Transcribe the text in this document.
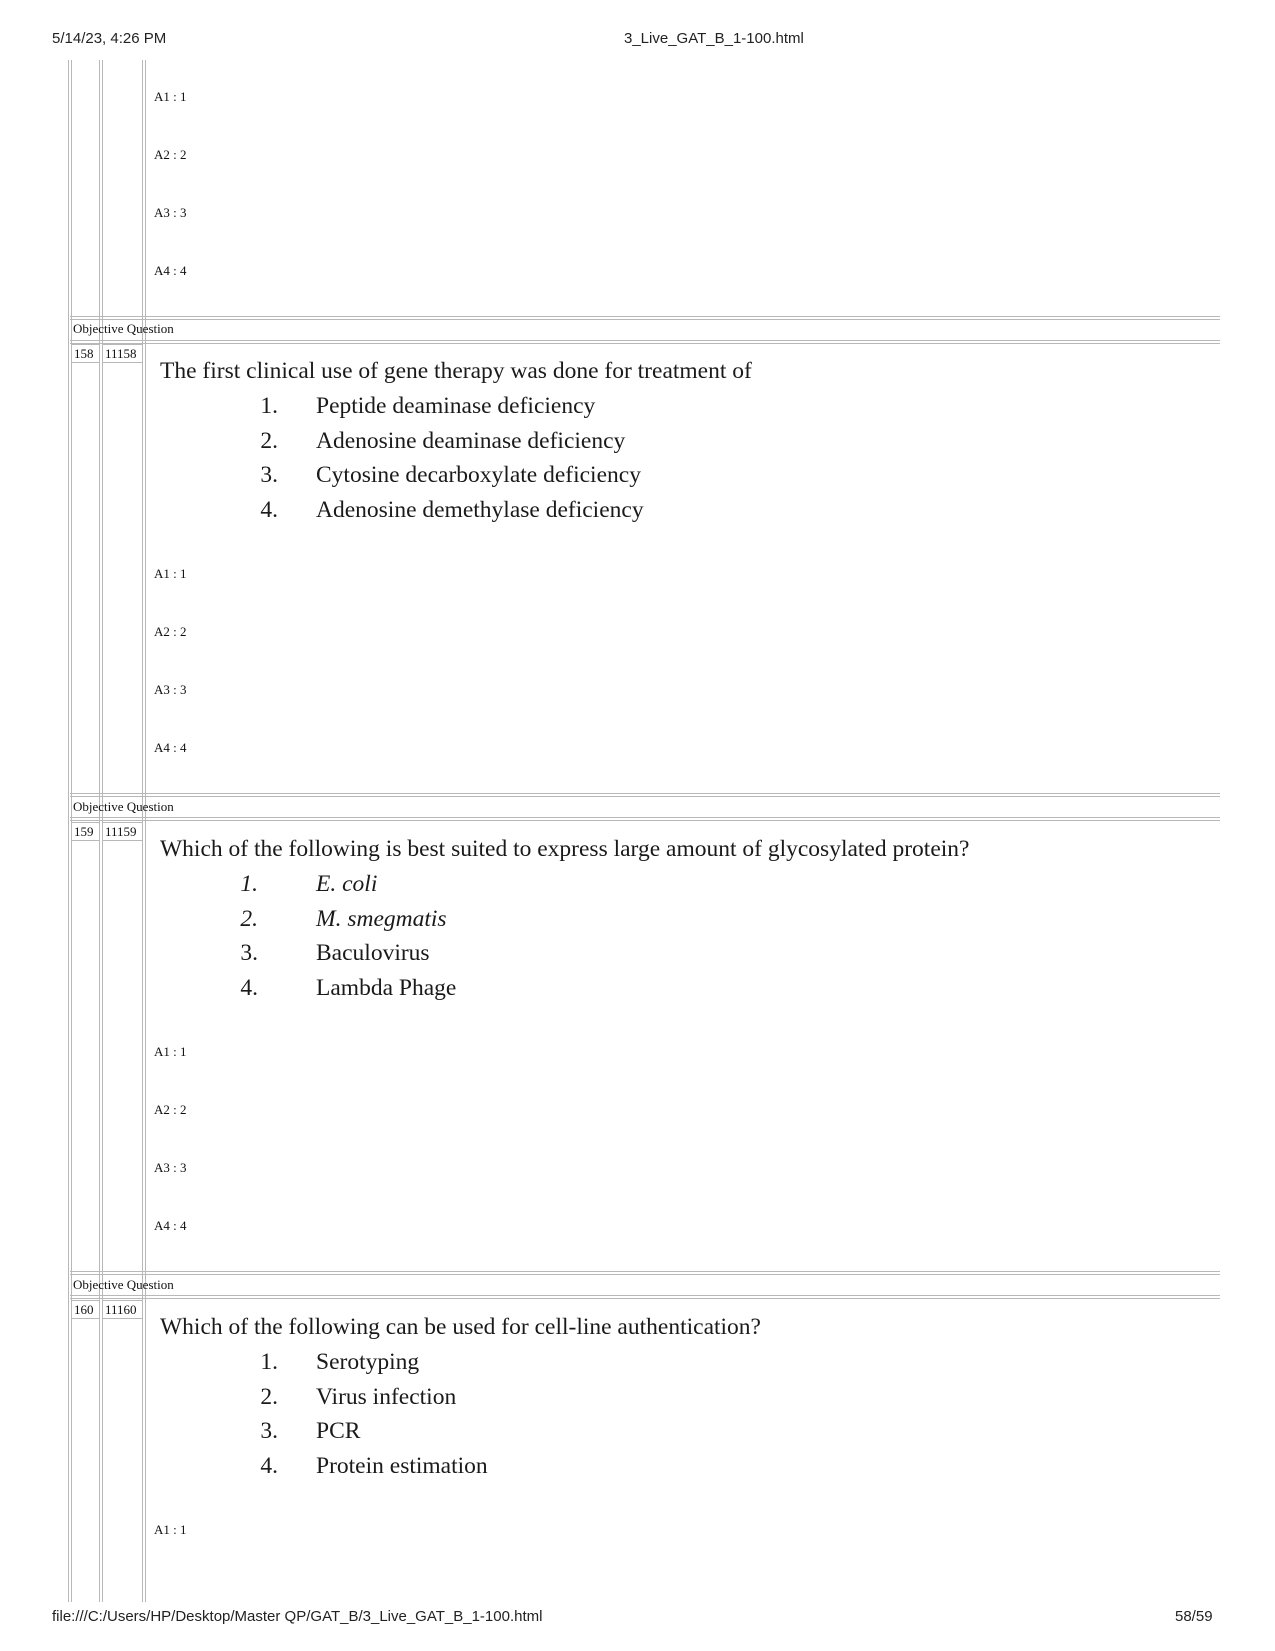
5/14/23, 4:26 PM	3_Live_GAT_B_1-100.html
A1 : 1
A2 : 2
A3 : 3
A4 : 4
Objective Question
158 11158
The first clinical use of gene therapy was done for treatment of
1. Peptide deaminase deficiency
2. Adenosine deaminase deficiency
3. Cytosine decarboxylate deficiency
4. Adenosine demethylase deficiency
A1 : 1
A2 : 2
A3 : 3
A4 : 4
Objective Question
159 11159
Which of the following is best suited to express large amount of glycosylated protein?
1. E. coli
2. M. smegmatis
3. Baculovirus
4. Lambda Phage
A1 : 1
A2 : 2
A3 : 3
A4 : 4
Objective Question
160 11160
Which of the following can be used for cell-line authentication?
1. Serotyping
2. Virus infection
3. PCR
4. Protein estimation
A1 : 1
file:///C:/Users/HP/Desktop/Master QP/GAT_B/3_Live_GAT_B_1-100.html	58/59
